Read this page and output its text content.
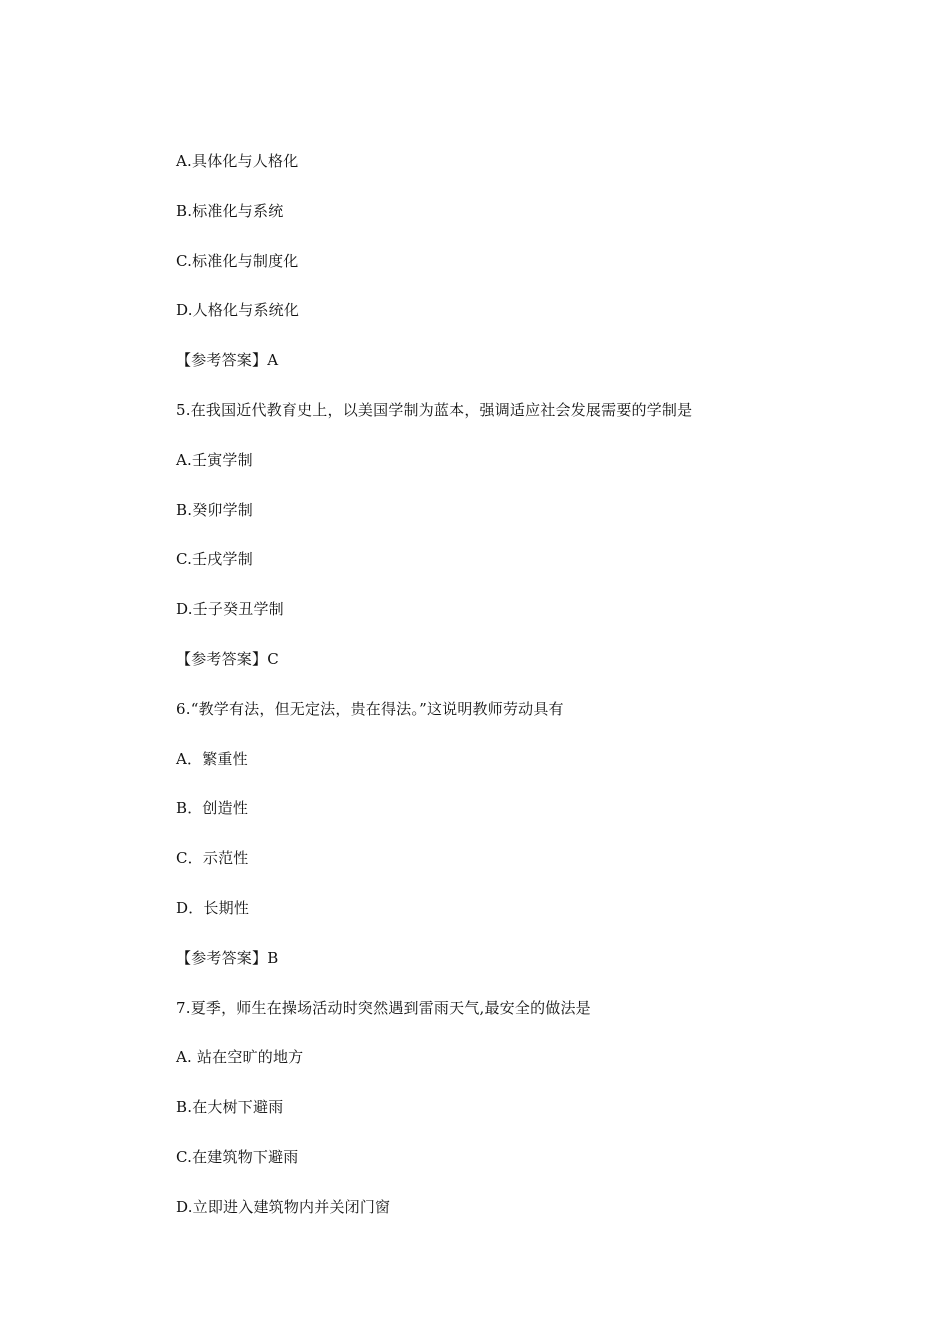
A.具体化与人格化
B.标准化与系统
C.标准化与制度化
D.人格化与系统化
【参考答案】A
5.在我国近代教育史上，以美国学制为蓝本，强调适应社会发展需要的学制是
A.壬寅学制
B.癸卯学制
C.壬戌学制
D.壬子癸丑学制
【参考答案】C
6.“教学有法，但无定法，贵在得法。”这说明教师劳动具有
A．繁重性
B．创造性
C．示范性
D．长期性
【参考答案】B
7.夏季，师生在操场活动时突然遇到雷雨天气,最安全的做法是
A. 站在空旷的地方
B.在大树下避雨
C.在建筑物下避雨
D.立即进入建筑物内并关闭门窗
